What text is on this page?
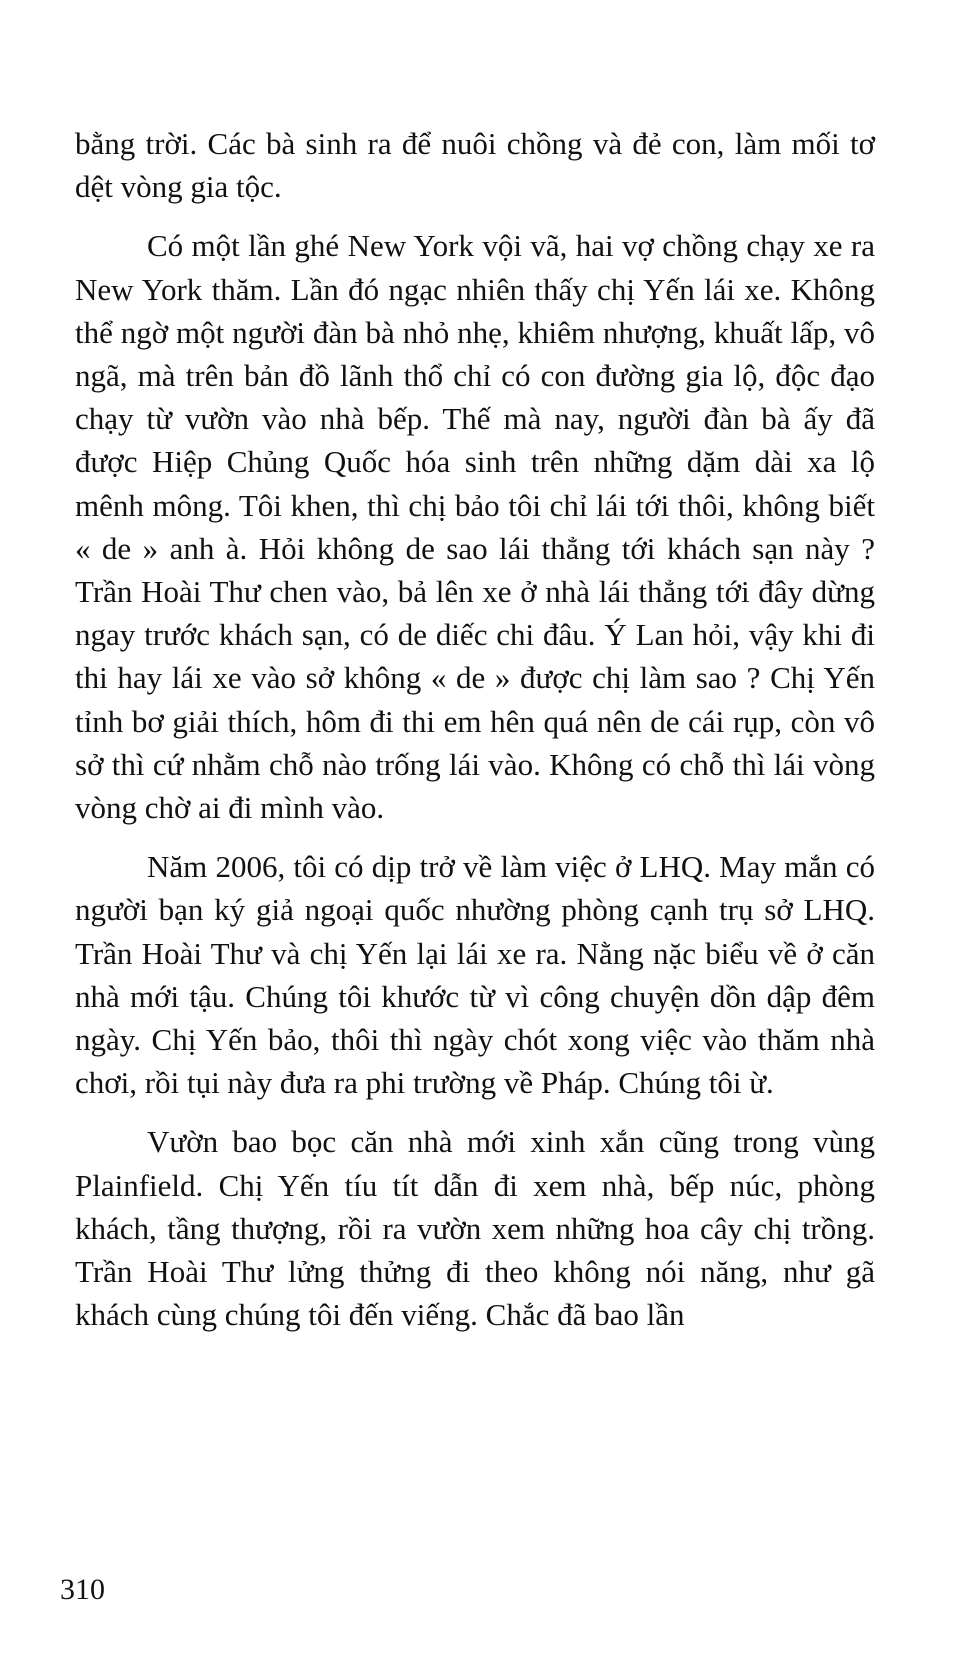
bằng trời. Các bà sinh ra để nuôi chồng và đẻ con, làm mối tơ dệt vòng gia tộc.

Có một lần ghé New York vội vã, hai vợ chồng chạy xe ra New York thăm. Lần đó ngạc nhiên thấy chị Yến lái xe. Không thể ngờ một người đàn bà nhỏ nhẹ, khiêm nhượng, khuất lấp, vô ngã, mà trên bản đồ lãnh thổ chỉ có con đường gia lộ, độc đạo chạy từ vườn vào nhà bếp. Thế mà nay, người đàn bà ấy đã được Hiệp Chủng Quốc hóa sinh trên những dặm dài xa lộ mênh mông. Tôi khen, thì chị bảo tôi chỉ lái tới thôi, không biết « de » anh à. Hỏi không de sao lái thẳng tới khách sạn này ? Trần Hoài Thư chen vào, bả lên xe ở nhà lái thẳng tới đây dừng ngay trước khách sạn, có de diếc chi đâu. Ý Lan hỏi, vậy khi đi thi hay lái xe vào sở không « de » được chị làm sao ? Chị Yến tỉnh bơ giải thích, hôm đi thi em hên quá nên de cái rụp, còn vô sở thì cứ nhằm chỗ nào trống lái vào. Không có chỗ thì lái vòng vòng chờ ai đi mình vào.

Năm 2006, tôi có dịp trở về làm việc ở LHQ. May mắn có người bạn ký giả ngoại quốc nhường phòng cạnh trụ sở LHQ. Trần Hoài Thư và chị Yến lại lái xe ra. Nằng nặc biểu về ở căn nhà mới tậu. Chúng tôi khước từ vì công chuyện dồn dập đêm ngày. Chị Yến bảo, thôi thì ngày chót xong việc vào thăm nhà chơi, rồi tụi này đưa ra phi trường về Pháp. Chúng tôi ừ.

Vườn bao bọc căn nhà mới xinh xắn cũng trong vùng Plainfield. Chị Yến tíu tít dẫn đi xem nhà, bếp núc, phòng khách, tầng thượng, rồi ra vườn xem những hoa cây chị trồng. Trần Hoài Thư lửng thửng đi theo không nói năng, như gã khách cùng chúng tôi đến viếng. Chắc đã bao lần

310
